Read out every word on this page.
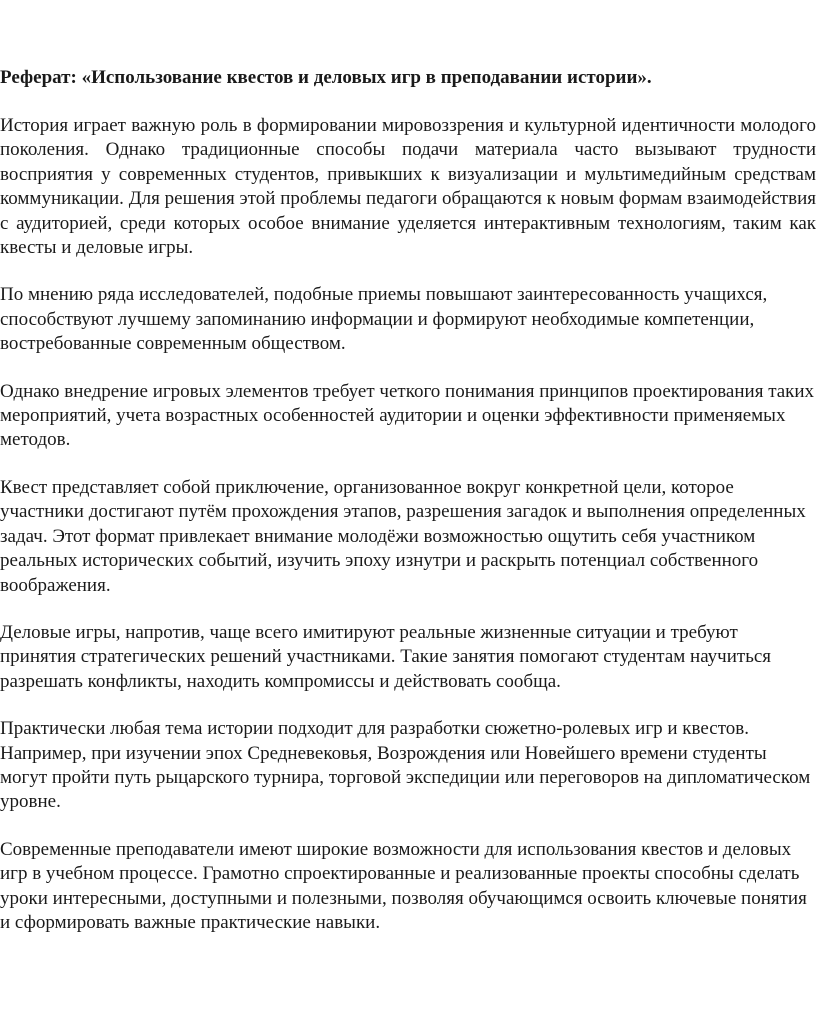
Реферат: «Использование квестов и деловых игр в преподавании истории».

История играет важную роль в формировании мировоззрения и культурной идентичности молодого поколения. Однако традиционные способы подачи материала часто вызывают трудности восприятия у современных студентов, привыкших к визуализации и мультимедийным средствам коммуникации. Для решения этой проблемы педагоги обращаются к новым формам взаимодействия с аудиторией, среди которых особое внимание уделяется интерактивным технологиям, таким как квесты и деловые игры.

По мнению ряда исследователей, подобные приемы повышают заинтересованность учащихся, способствуют лучшему запоминанию информации и формируют необходимые компетенции, востребованные современным обществом.

Однако внедрение игровых элементов требует четкого понимания принципов проектирования таких мероприятий, учета возрастных особенностей аудитории и оценки эффективности применяемых методов.

Квест представляет собой приключение, организованное вокруг конкретной цели, которое участники достигают путём прохождения этапов, разрешения загадок и выполнения определенных задач. Этот формат привлекает внимание молодёжи возможностью ощутить себя участником реальных исторических событий, изучить эпоху изнутри и раскрыть потенциал собственного воображения.

Деловые игры, напротив, чаще всего имитируют реальные жизненные ситуации и требуют принятия стратегических решений участниками. Такие занятия помогают студентам научиться разрешать конфликты, находить компромиссы и действовать сообща.

Практически любая тема истории подходит для разработки сюжетно-ролевых игр и квестов. Например, при изучении эпох Средневековья, Возрождения или Новейшего времени студенты могут пройти путь рыцарского турнира, торговой экспедиции или переговоров на дипломатическом уровне.

Современные преподаватели имеют широкие возможности для использования квестов и деловых игр в учебном процессе. Грамотно спроектированные и реализованные проекты способны сделать уроки интересными, доступными и полезными, позволяя обучающимся освоить ключевые понятия и сформировать важные практические навыки.
